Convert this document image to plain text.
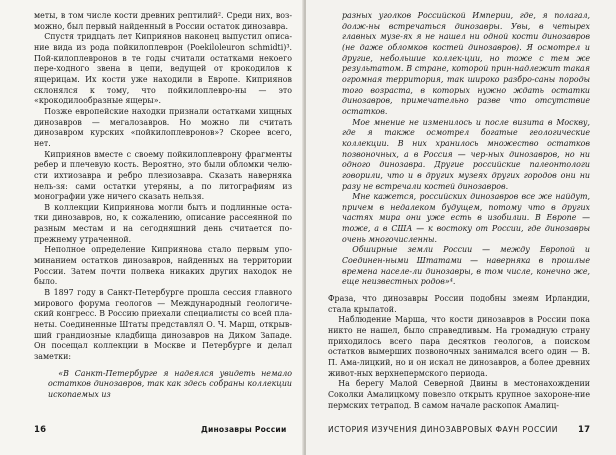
меты, в том числе кости древних рептилий². Среди них, воз-можно, был первый найденный в России остаток динозавра.

Спустя тридцать лет Киприянов наконец выпустил описа-ние вида из рода пойкилоплеврон (Poekiloleuron schmidti)³. Пой-килоплевронов в те годы считали остатками некоего пере-ходного звена в цепи, ведущей от крокодилов к ящерицам. Их кости уже находили в Европе. Киприянов склонялся к тому, что пойкилоплевро-ны — это «крокодилообразные ящеры».

Позже европейские находки признали остатками хищных динозавров — мегалозавров. Но можно ли считать динозавром курских «пойкилоплевронов»? Скорее всего, нет.

Киприянов вместе с своему пойкилоплеврону фрагменты ребер и плечевую кость. Вероятно, это были обломки челю-сти ихтиозавра и ребро плезиозавра. Сказать наверняка нель-зя: сами остатки утеряны, а по литографиям из монографии уже ничего сказать нельзя.

В коллекции Киприянова могли быть и подлинные оста-тки динозавров, но, к сожалению, описание рассеянной по разным местам и на сегодняшний день считается по-прежнему утраченной.

Неполное определение Киприянова стало первым упо-минанием остатков динозавров, найденных на территории России. Затем почти полвека никаких других находок не было.

В 1897 году в Санкт-Петербурге прошла сессия главного мирового форума геологов — Международный геологиче-ский конгресс. В Россию приехали специалисты со всей пла-неты. Соединенные Штаты представлял О. Ч. Марш, открыв-ший грандиозные кладбища динозавров на Диком Западе. Он посещал коллекции в Москве и Петербурге и делал заметки:

«В Санкт-Петербурге я надеялся увидеть немало остатков динозавров, так как здесь собраны коллекции ископаемых из

16	Динозавры России

разных уголков Российской Империи, где, я полагал, долж-ны встречаться динозавры. Увы, в четырех главных музе-ях я не нашел ни одной кости динозавров (не даже обломков костей динозавров). Я осмотрел и другие, небольшие коллек-ции, но тоже с тем же результатом. В стране, которой прин-надлежит такая огромная территория, так широко разбро-саны породы того возраста, в которых нужно ждать остатки динозавров, примечательно разве что отсутствие остатков.

Мое мнение не изменилось и после визита в Москву, где я также осмотрел богатые геологические коллекции. В них хранилось множество остатков позвоночных, а в Россия — чер-ных динозавров, но ни одного динозавра. Другие российские палеонтологи говорили, что и в других музеях других городов они ни разу не встречали костей динозавров.

Мне кажется, российских динозавров все же найдут, причем в недалеком будущем, потому что в других частях мира они уже есть в изобилии. В Европе — тоже, а в США — к востоку от России, где динозавры очень многочисленны.

Обширные земли России — между Европой и Соединен-ными Штатами — наверняка в прошлые времена населе-ли динозавры, в том числе, конечно же, еще неизвестных родов»⁴.

Фраза, что динозавры России подобны змеям Ирландии, стала крылатой.

Наблюдение Марша, что кости динозавров в России пока никто не нашел, было справедливым. На громадную страну приходилось всего пара десятков геологов, а поиском остатков вымерших позвоночных занимался всего один — В. П. Ама-лицкий, но и он искал не динозавров, а более древних живот-ных верхнепермского периода.

На берегу Малой Северной Двины в местонахождении Соколки Амалицкому повезло открыть крупное захороне-ние пермских тетрапод. В самом начале раскопок Амалиц-

ИСТОРИЯ ИЗУЧЕНИЯ ДИНОЗАВРОВЫХ ФАУН РОССИИ 17
